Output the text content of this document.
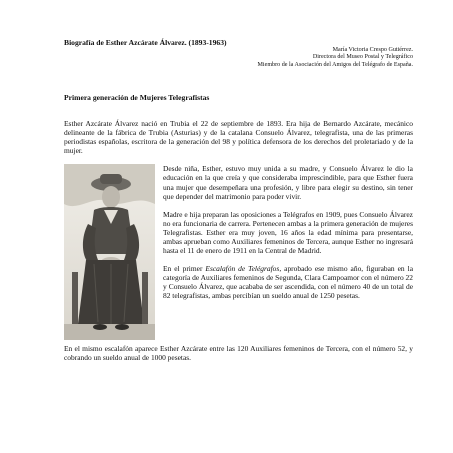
Biografía de Esther Azcárate Álvarez. (1893-1963)
María Victoria Crespo Gutiérrez.
Directora del Museo Postal y Telegráfico
Miembro de la Asociación del Amigos del Telégrafo de España.
Primera generación de Mujeres Telegrafistas

Esther Azcárate Álvarez nació en Trubia el 22 de septiembre de 1893. Era hija de Bernardo Azcárate, mecánico delineante de la fábrica de Trubia (Asturias) y de la catalana Consuelo Álvarez, telegrafista, una de las primeras periodistas españolas, escritora de la generación del 98 y política defensora de los derechos del proletariado y de la mujer.

Desde niña, Esther, estuvo muy unida a su madre, y Consuelo Álvarez le dio la educación en la que creía y que consideraba imprescindible, para que Esther fuera una mujer que desempeñara una profesión, y libre para elegir su destino, sin tener que depender del matrimonio para poder vivir.

Madre e hija preparan las oposiciones a Telégrafos en 1909, pues Consuelo Álvarez no era funcionaria de carrera. Pertenecen ambas a la primera generación de mujeres Telegrafistas. Esther era muy joven, 16 años la edad mínima para presentarse, ambas aprueban como Auxiliares femeninos de Tercera, aunque Esther no ingresará hasta el 11 de enero de 1911 en la Central de Madrid.

En el primer Escalafón de Telégrafos, aprobado ese mismo año, figuraban en la categoría de Auxiliares femeninos de Segunda, Clara Campoamor con el número 22 y Consuelo Álvarez, que acababa de ser ascendida, con el número 40 de un total de 82 telegrafistas, ambas percibían un sueldo anual de 1250 pesetas.

En el mismo escalafón aparece Esther Azcárate entre las 120 Auxiliares femeninos de Tercera, con el número 52, y cobrando un sueldo anual de 1000 pesetas.
